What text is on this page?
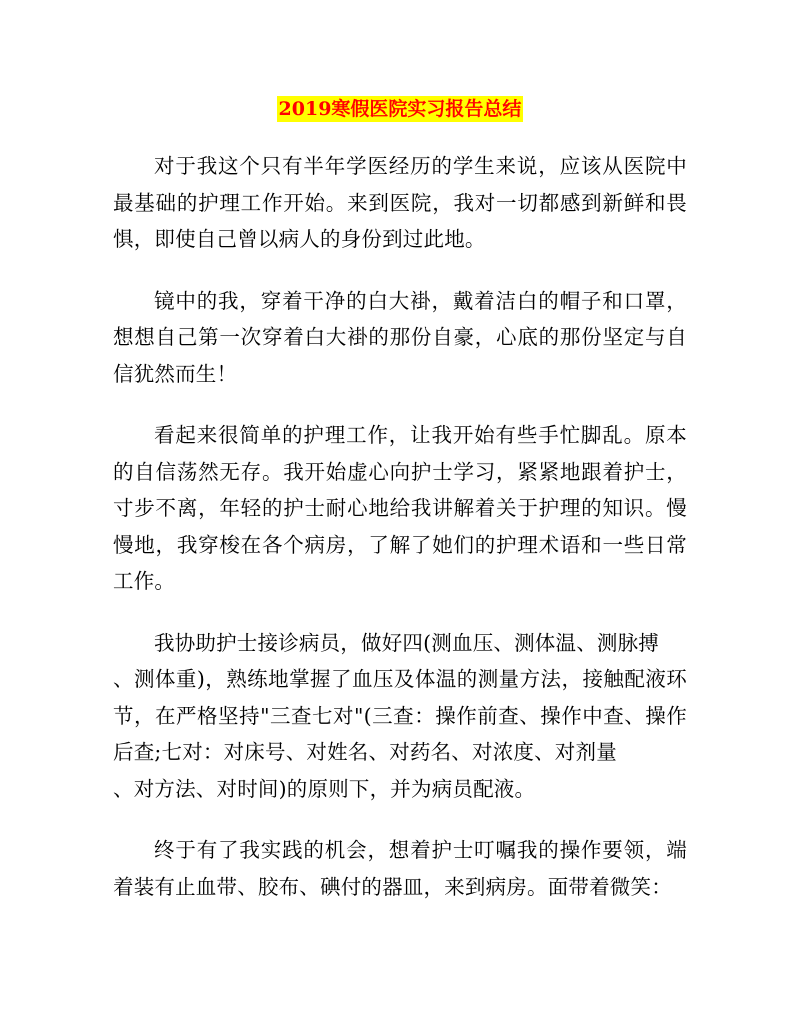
2019寒假医院实习报告总结

对于我这个只有半年学医经历的学生来说，应该从医院中最基础的护理工作开始。来到医院，我对一切都感到新鲜和畏惧，即使自己曾以病人的身份到过此地。

镜中的我，穿着干净的白大褂，戴着洁白的帽子和口罩，想想自己第一次穿着白大褂的那份自豪，心底的那份坚定与自信犹然而生！

看起来很简单的护理工作，让我开始有些手忙脚乱。原本的自信荡然无存。我开始虚心向护士学习，紧紧地跟着护士，寸步不离，年轻的护士耐心地给我讲解着关于护理的知识。慢慢地，我穿梭在各个病房，了解了她们的护理术语和一些日常工作。

我协助护士接诊病员，做好四(测血压、测体温、测脉搏
、测体重)，熟练地掌握了血压及体温的测量方法，接触配液环节，在严格坚持"三查七对"(三查：操作前查、操作中查、操作后查;七对：对床号、对姓名、对药名、对浓度、对剂量
、对方法、对时间)的原则下，并为病员配液。

终于有了我实践的机会，想着护士叮嘱我的操作要领，端着装有止血带、胶布、碘付的器皿，来到病房。面带着微笑：
